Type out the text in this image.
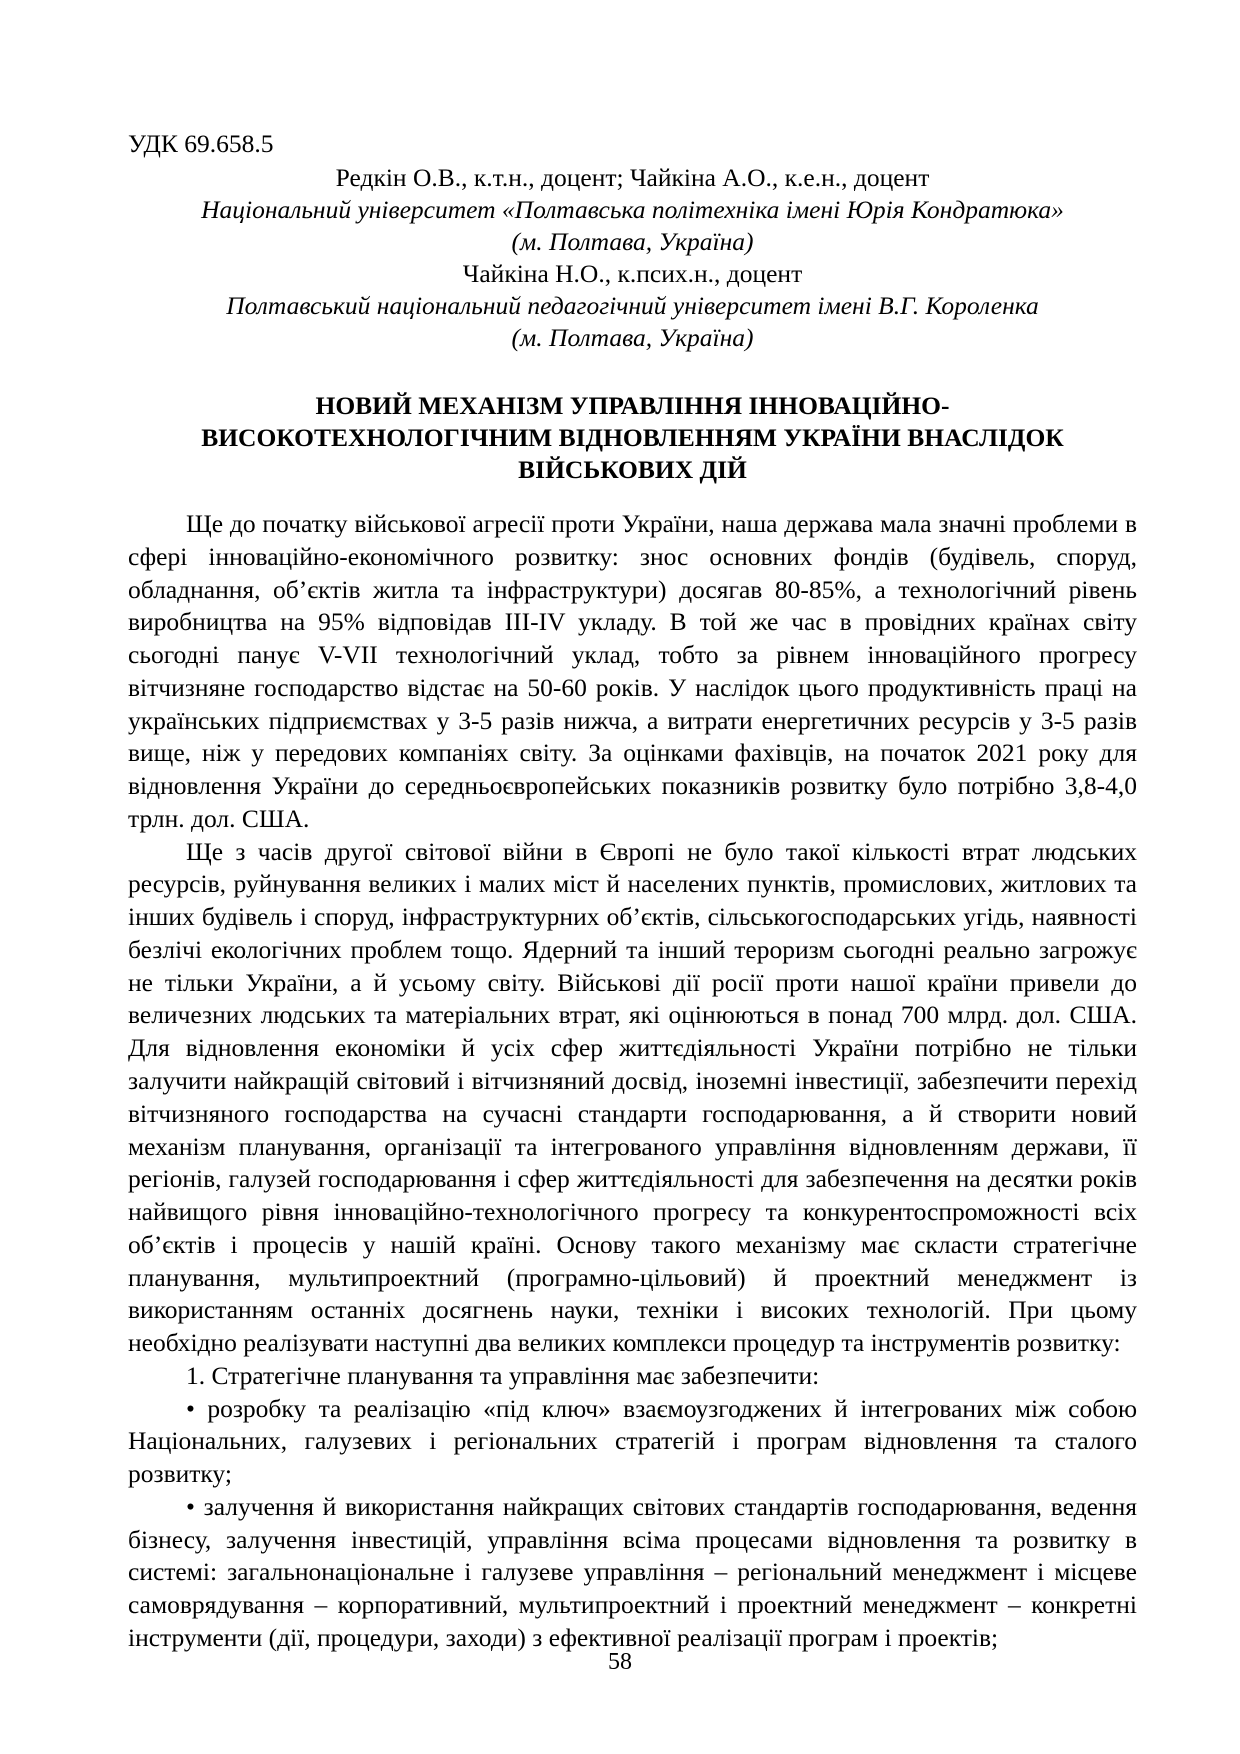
УДК 69.658.5

Редкін О.В., к.т.н., доцент; Чайкіна А.О., к.е.н., доцент

Національний університет «Полтавська політехніка імені Юрія Кондратюка»

(м. Полтава, Україна)

Чайкіна Н.О., к.псих.н., доцент

Полтавський національний педагогічний університет імені В.Г. Короленка

(м. Полтава, Україна)

НОВИЙ МЕХАНІЗМ УПРАВЛІННЯ ІННОВАЦІЙНО-
ВИСОКОТЕХНОЛОГІЧНИМ ВІДНОВЛЕННЯМ УКРАЇНИ ВНАСЛІДОК
ВІЙСЬКОВИХ ДІЙ

Ще до початку військової агресії проти України, наша держава мала значні проблеми в сфері інноваційно-економічного розвитку: знос основних фондів (будівель, споруд, обладнання, об’єктів житла та інфраструктури) досягав 80-85%, а технологічний рівень виробництва на 95% відповідав ІІІ-IV укладу. В той же час в провідних країнах світу сьогодні панує V-VII технологічний уклад, тобто за рівнем інноваційного прогресу вітчизняне господарство відстає на 50-60 років. У наслідок цього продуктивність праці на українських підприємствах у 3-5 разів нижча, а витрати енергетичних ресурсів у 3-5 разів вище, ніж у передових компаніях світу. За оцінками фахівців, на початок 2021 року для відновлення України до середньоєвропейських показників розвитку було потрібно 3,8-4,0 трлн. дол. США.

Ще з часів другої світової війни в Європі не було такої кількості втрат людських ресурсів, руйнування великих і малих міст й населених пунктів, промислових, житлових та інших будівель і споруд, інфраструктурних об’єктів, сільськогосподарських угідь, наявності безлічі екологічних проблем тощо. Ядерний та інший тероризм сьогодні реально загрожує не тільки України, а й усьому світу. Військові дії росії проти нашої країни привели до величезних людських та матеріальних втрат, які оцінюються в понад 700 млрд. дол. США. Для відновлення економіки й усіх сфер життєдіяльності України потрібно не тільки залучити найкращій світовий і вітчизняний досвід, іноземні інвестиції, забезпечити перехід вітчизняного господарства на сучасні стандарти господарювання, а й створити новий механізм планування, організації та інтегрованого управління відновленням держави, її регіонів, галузей господарювання і сфер життєдіяльності для забезпечення на десятки років найвищого рівня інноваційно-технологічного прогресу та конкурентоспроможності всіх об’єктів і процесів у нашій країні. Основу такого механізму має скласти стратегічне планування, мультипроектний (програмно-цільовий) й проектний менеджмент із використанням останніх досягнень науки, техніки і високих технологій. При цьому необхідно реалізувати наступні два великих комплекси процедур та інструментів розвитку:

1. Стратегічне планування та управління має забезпечити:

• розробку та реалізацію «під ключ» взаємоузгоджених й інтегрованих між собою Національних, галузевих і регіональних стратегій і програм відновлення та сталого розвитку;

• залучення й використання найкращих світових стандартів господарювання, ведення бізнесу, залучення інвестицій, управління всіма процесами відновлення та розвитку в системі: загальнонаціональне і галузеве управління – регіональний менеджмент і місцеве самоврядування – корпоративний, мультипроектний і проектний менеджмент – конкретні інструменти (дії, процедури, заходи) з ефективної реалізації програм і проектів;

58
